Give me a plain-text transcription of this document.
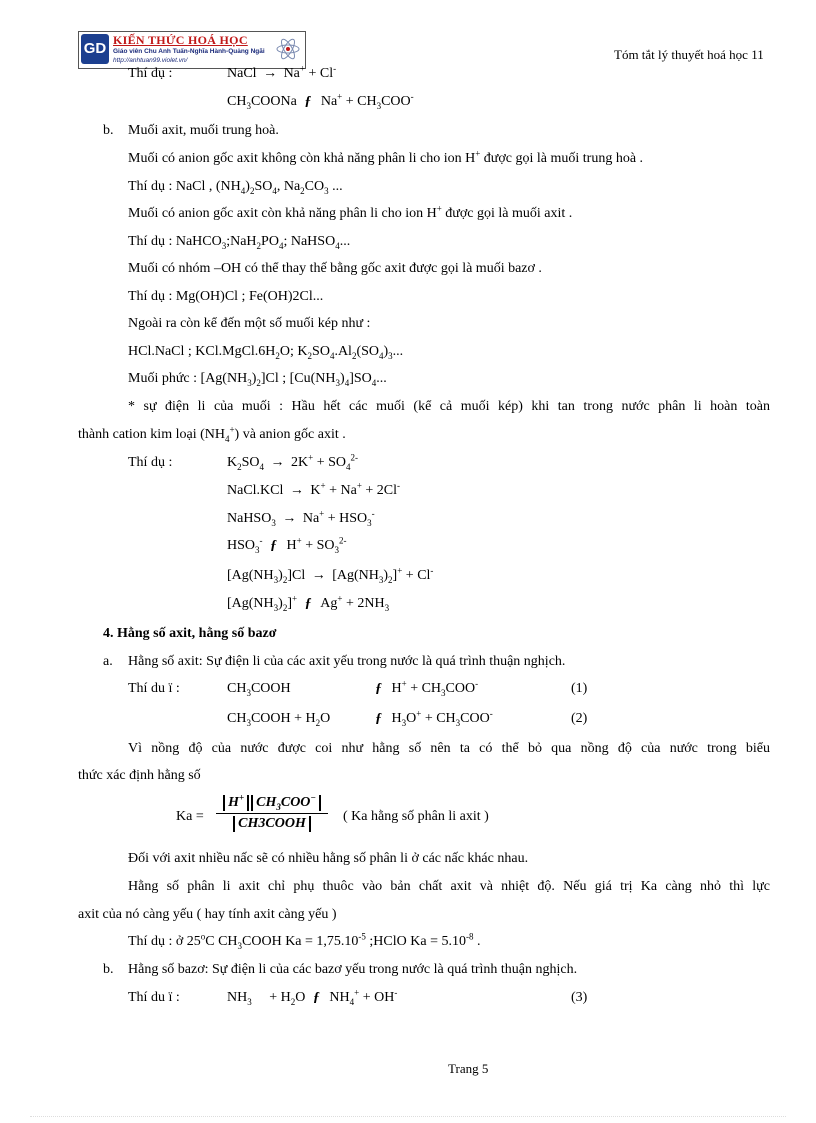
GD KIẾN THỨC HOÁ HỌC
Giáo viên Chu Anh Tuấn-Nghĩa Hành-Quảng Ngãi
http://anhtuan99.violet.vn/	Tóm tắt lý thuyết hoá học 11
Thí dụ :	NaCl → Na+ + Cl-
$CH_3COONa$ ƒ $Na^+ + CH_3COO^-$
b. Muối axit, muối trung hoà.
Muối có anion gốc axit không còn khả năng phân li cho ion H+ được gọi là muối trung hoà .
Thí dụ : NaCl , $(NH_4)_2SO_4$, $Na_2CO_3$ ...
Muối có anion gốc axit còn khả năng phân li cho ion H+ được gọi là muối axit .
Thí dụ : $NaHCO_3;NaH_2PO_4$; NaHSO$_4$...
Muối có nhóm –OH có thể thay thế bằng gốc axit được gọi là muối bazơ .
Thí dụ : Mg(OH)Cl ; Fe(OH)2Cl...
Ngoài ra còn kể đến một số muối kép như :
HCl.NaCl ; $KCl.MgCl.6H_2O$; $K_2SO_4.Al_2(SO_4)_3$...
Muối phức : $[Ag(NH_3)_2]Cl$ ; $[Cu(NH_3)_4]SO_4$...
* sự điện li của muối : Hầu hết các muối (kể cả muối kép) khi tan trong nước phân li hoàn toàn
thành cation kim loại $(NH_4^+)$ và anion gốc axit .
Thí dụ :	$K_2SO_4 \to 2K^+ + SO_4^{2-}$
NaCl.KCl → K+ + Na+ + 2Cl-
NaHSO$_3$ → $Na^+ + HSO_3^-$
$HSO_3^-$ ƒ $H^+ + SO_3^{2-}$
$[Ag(NH_3)_2]Cl \to [Ag(NH_3)_2]^+ + Cl^-$
$[Ag(NH_3)_2]^+$ ƒ $Ag^+ + 2NH_3$
4. Hằng số axit, hằng số bazơ
a. Hằng số axit: Sự điện li của các axit yếu trong nước là quá trình thuận nghịch.
Thí du ï :	$CH_3COOH$	ƒ $H^+ + CH_3COO^-$	(1)
$CH_3COOH + H_2O$	ƒ $H_3O^+ + CH_3COO^-$	(2)
Vì nồng độ của nước được coi như hằng số nên ta có thể bỏ qua nồng độ của nước trong biểu
thức xác định hằng số
Ka =
H+ $CH_3COO^-$
CH3COOH	( Ka hằng số phân li axit )
Đối với axit nhiều nấc sẽ có nhiều hằng số phân li ở các nấc khác nhau.
Hằng số phân li axit chỉ phụ thuôc vào bản chất axit và nhiệt độ. Nếu giá trị Ka càng nhỏ thì lực
axit của nó càng yếu ( hay tính axit càng yếu )
Thí dụ : ở 25$^o$C $CH_3COOH$ $Ka = 1,75.10^{-5}$ ;HClO $Ka = 5.10^{-8}$ .
b. Hằng số bazơ: Sự điện li của các bazơ yếu trong nước là quá trình thuận nghịch.
Thí du ï :	$NH_3$     + $H_2O$ ƒ $NH_4^+ + OH^-$	(3)
Trang 5
